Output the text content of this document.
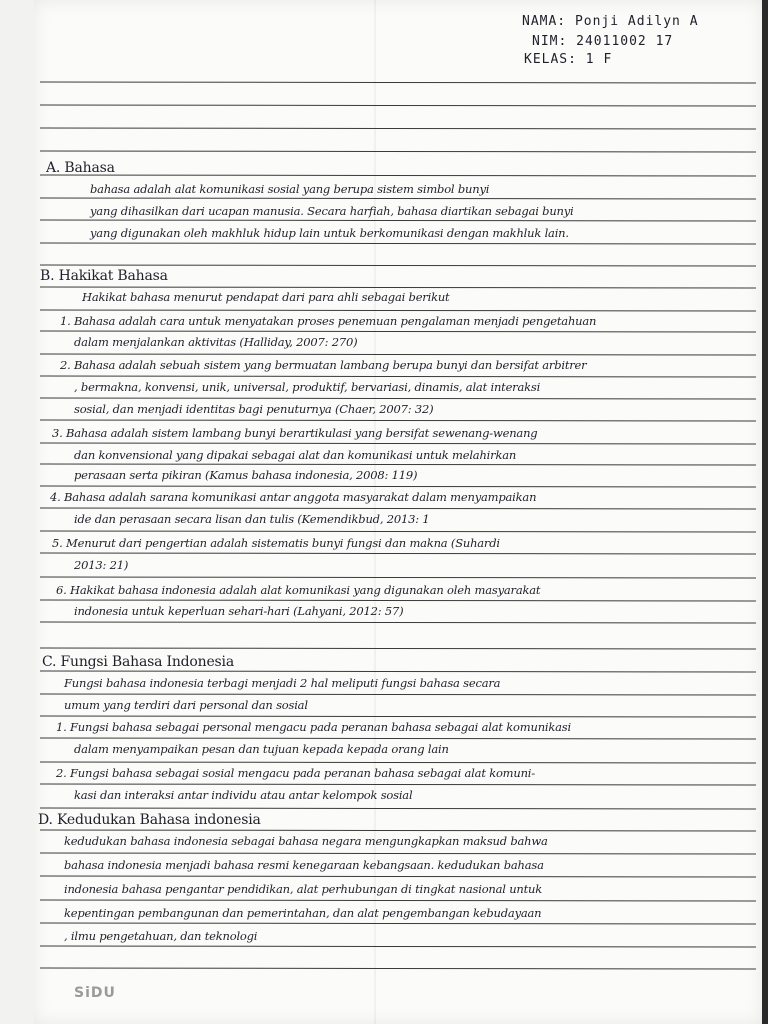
NAMA: Ponji Adilyn A
NIM: 24011002 17
KELAS: 1 F
A. Bahasa
bahasa adalah alat komunikasi sosial yang berupa sistem simbol bunyi
yang dihasilkan dari ucapan manusia. Secara harfiah, bahasa diartikan sebagai bunyi
yang digunakan oleh makhluk hidup lain untuk berkomunikasi dengan makhluk lain.
B. Hakikat Bahasa
Hakikat bahasa menurut pendapat dari para ahli sebagai berikut
1. Bahasa adalah cara untuk menyatakan proses penemuan pengalaman menjadi pengetahuan
dalam menjalankan aktivitas (Halliday, 2007: 270)
2. Bahasa adalah sebuah sistem yang bermuatan lambang berupa bunyi dan bersifat arbitrer
, bermakna, konvensi, unik, universal, produktif, bervariasi, dinamis, alat interaksi
sosial, dan menjadi identitas bagi penuturnya (Chaer, 2007: 32)
3. Bahasa adalah sistem lambang bunyi berartikulasi yang bersifat sewenang-wenang
dan konvensional yang dipakai sebagai alat dan komunikasi untuk melahirkan
perasaan serta pikiran (Kamus bahasa indonesia, 2008: 119)
4. Bahasa adalah sarana komunikasi antar anggota masyarakat dalam menyampaikan
ide dan perasaan secara lisan dan tulis (Kemendikbud, 2013: 1
5. Menurut dari pengertian adalah sistematis bunyi fungsi dan makna (Suhardi
2013: 21)
6. Hakikat bahasa indonesia adalah alat komunikasi yang digunakan oleh masyarakat
indonesia untuk keperluan sehari-hari (Lahyani, 2012: 57)
C. Fungsi Bahasa Indonesia
Fungsi bahasa indonesia terbagi menjadi 2 hal meliputi fungsi bahasa secara
umum yang terdiri dari personal dan sosial
1. Fungsi bahasa sebagai personal mengacu pada peranan bahasa sebagai alat komunikasi
dalam menyampaikan pesan dan tujuan kepada kepada orang lain
2. Fungsi bahasa sebagai sosial mengacu pada peranan bahasa sebagai alat komuni-
kasi dan interaksi antar individu atau antar kelompok sosial
D. Kedudukan Bahasa indonesia
kedudukan bahasa indonesia sebagai bahasa negara mengungkapkan maksud bahwa
bahasa indonesia menjadi bahasa resmi kenegaraan kebangsaan. kedudukan bahasa
indonesia bahasa pengantar pendidikan, alat perhubungan di tingkat nasional untuk
kepentingan pembangunan dan pemerintahan, dan alat pengembangan kebudayaan
, ilmu pengetahuan, dan teknologi
SiDU
